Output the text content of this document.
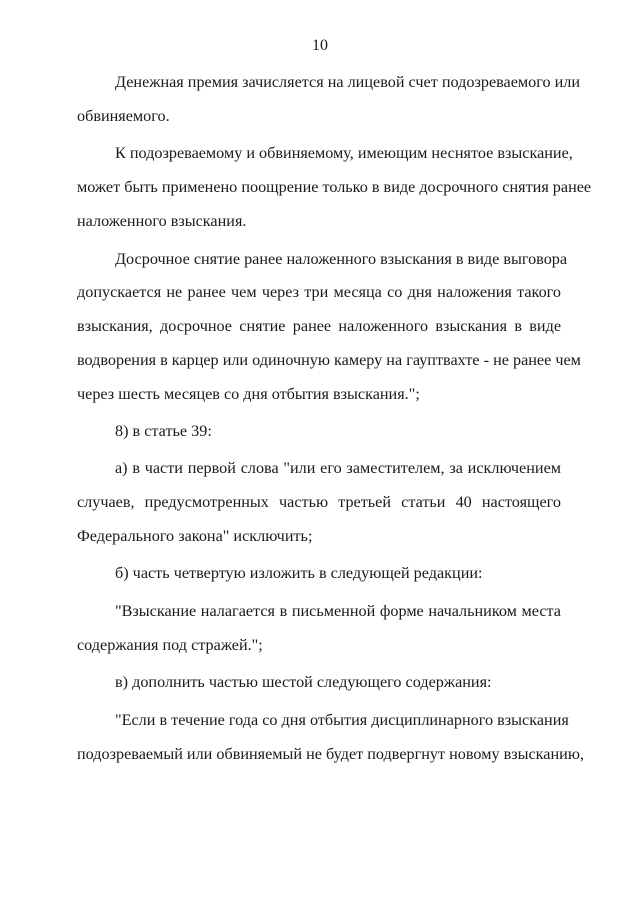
10
Денежная премия зачисляется на лицевой счет подозреваемого или
обвиняемого.
К подозреваемому и обвиняемому, имеющим неснятое взыскание,
может быть применено поощрение только в виде досрочного снятия ранее
наложенного взыскания.
Досрочное снятие ранее наложенного взыскания в виде выговора
допускается не ранее чем через три месяца со дня наложения такого
взыскания, досрочное снятие ранее наложенного взыскания в виде
водворения в карцер или одиночную камеру на гауптвахте - не ранее чем
через шесть месяцев со дня отбытия взыскания.";
8) в статье 39:
а) в части первой слова "или его заместителем, за исключением
случаев, предусмотренных частью третьей статьи 40 настоящего
Федерального закона" исключить;
б) часть четвертую изложить в следующей редакции:
"Взыскание налагается в письменной форме начальником места
содержания под стражей.";
в) дополнить частью шестой следующего содержания:
"Если в течение года со дня отбытия дисциплинарного взыскания
подозреваемый или обвиняемый не будет подвергнут новому взысканию,
